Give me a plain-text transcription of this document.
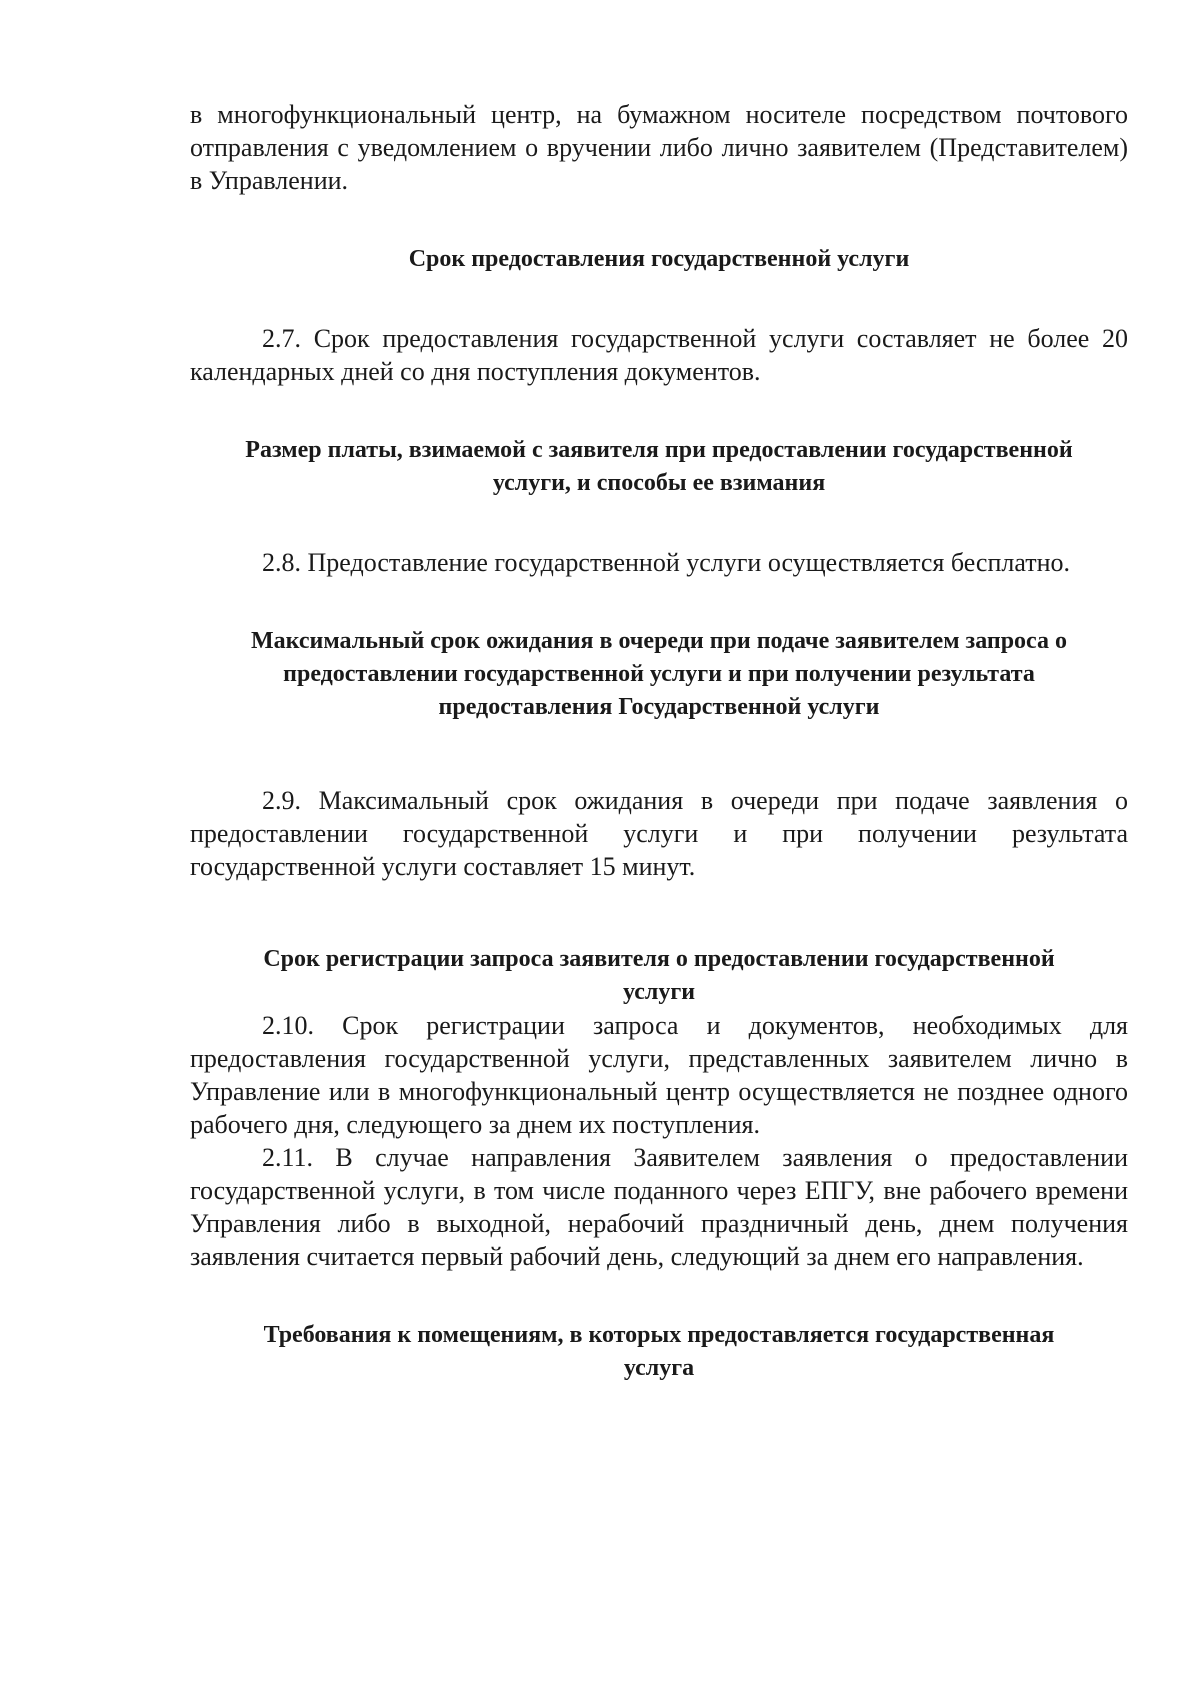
в многофункциональный центр, на бумажном носителе посредством почтового отправления с уведомлением о вручении либо лично заявителем (Представителем) в Управлении.

Срок предоставления государственной услуги

2.7. Срок предоставления государственной услуги составляет не более 20 календарных дней со дня поступления документов.

Размер платы, взимаемой с заявителя при предоставлении государственной

услуги, и способы ее взимания

2.8. Предоставление государственной услуги осуществляется бесплатно.

Максимальный срок ожидания в очереди при подаче заявителем запроса о

предоставлении государственной услуги и при получении результата

предоставления Государственной услуги

2.9. Максимальный срок ожидания в очереди при подаче заявления о предоставлении государственной услуги и при получении результата государственной услуги составляет 15 минут.

Срок регистрации запроса заявителя о предоставлении государственной

услуги

2.10. Срок регистрации запроса и документов, необходимых для предоставления государственной услуги, представленных заявителем лично в Управление или в многофункциональный центр осуществляется не позднее одного рабочего дня, следующего за днем их поступления.

2.11. В случае направления Заявителем заявления о предоставлении государственной услуги, в том числе поданного через ЕПГУ, вне рабочего времени Управления либо в выходной, нерабочий праздничный день, днем получения заявления считается первый рабочий день, следующий за днем его направления.

Требования к помещениям, в которых предоставляется государственная

услуга
